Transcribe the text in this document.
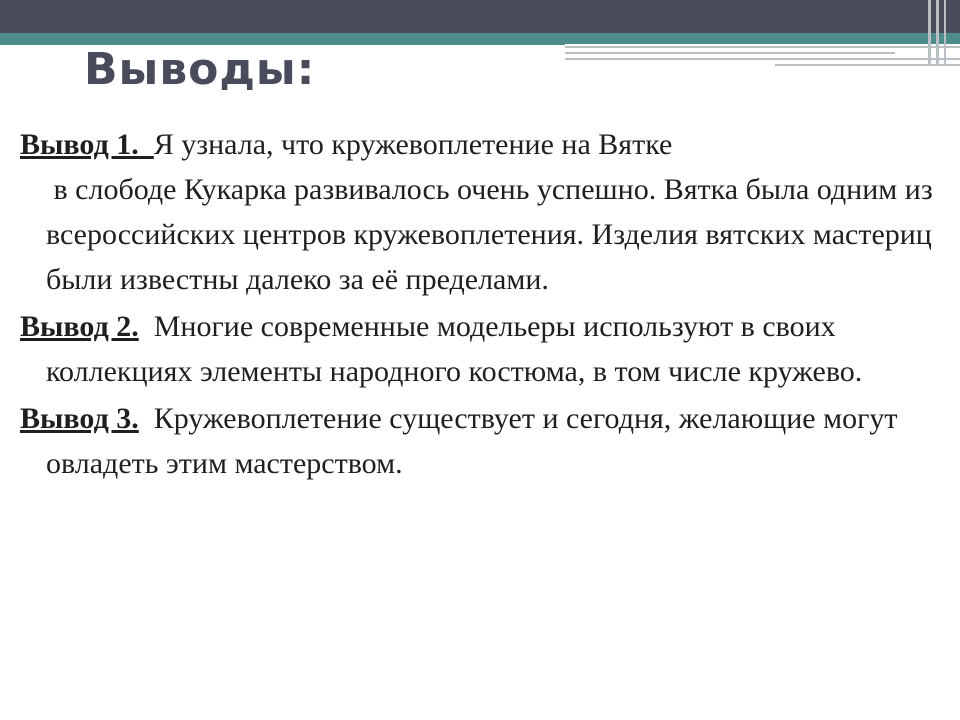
Выводы:

Вывод 1.  Я узнала, что кружевоплетение на Вятке
в слободе Кукарка развивалось очень успешно. Вятка была одним из всероссийских центров кружевоплетения. Изделия вятских мастериц были известны далеко за её пределами.

Вывод 2. Многие современные модельеры используют в своих коллекциях элементы народного костюма, в том числе кружево.

Вывод 3. Кружевоплетение существует и сегодня, желающие могут овладеть этим мастерством.
